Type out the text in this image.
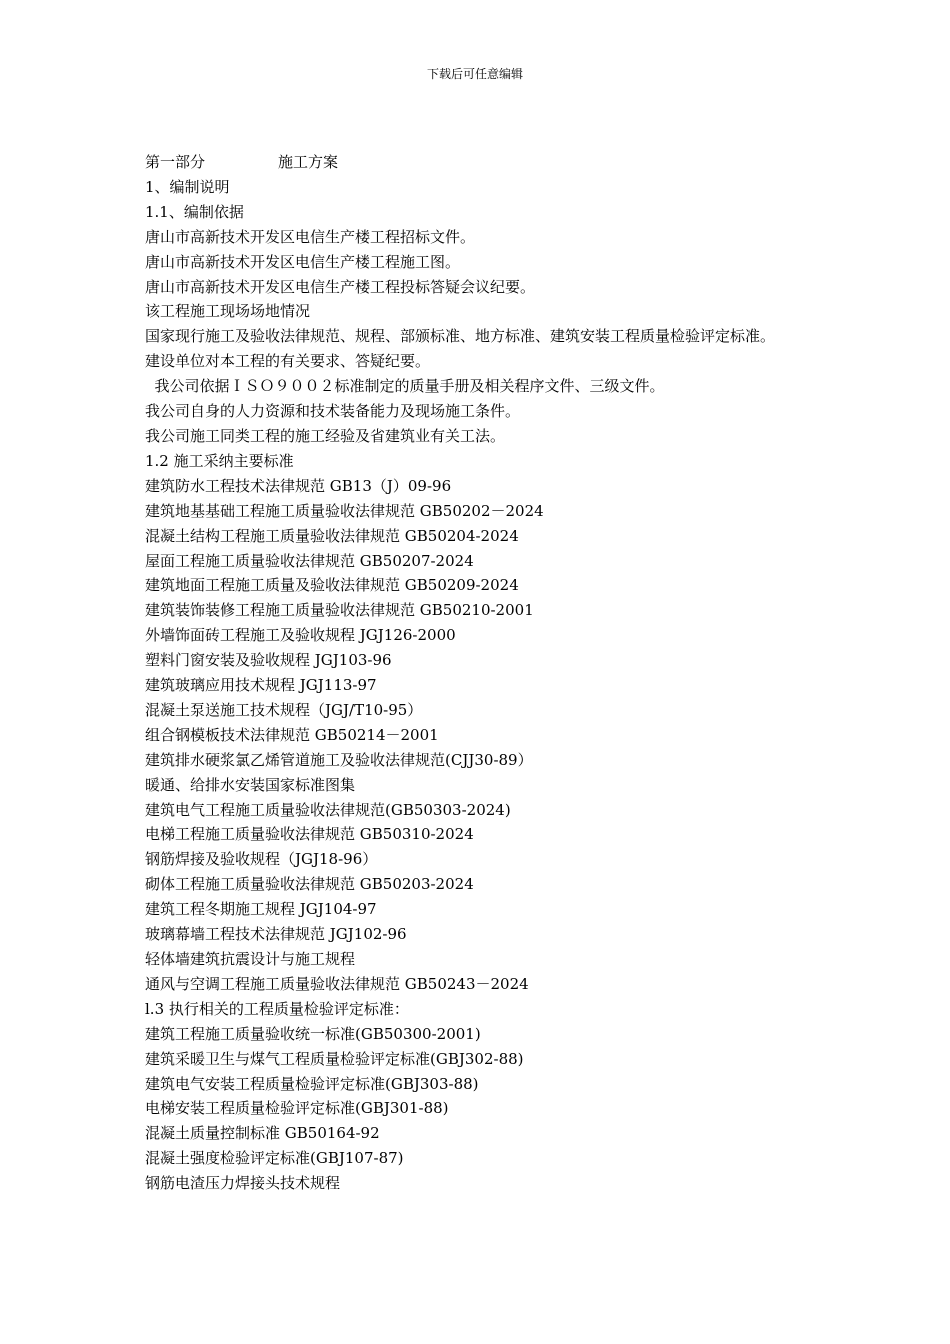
下载后可任意编辑
第一部分	施工方案
1、编制说明
1.1、编制依据
唐山市高新技术开发区电信生产楼工程招标文件。
唐山市高新技术开发区电信生产楼工程施工图。
唐山市高新技术开发区电信生产楼工程投标答疑会议纪要。
该工程施工现场场地情况
国家现行施工及验收法律规范、规程、部颁标准、地方标准、建筑安装工程质量检验评定标准。
建设单位对本工程的有关要求、答疑纪要。
我公司依据ＩＳＯ９００２标准制定的质量手册及相关程序文件、三级文件。
我公司自身的人力资源和技术装备能力及现场施工条件。
我公司施工同类工程的施工经验及省建筑业有关工法。
1.2 施工采纳主要标准
建筑防水工程技术法律规范 GB13（J）09-96
建筑地基基础工程施工质量验收法律规范 GB50202－2024
混凝土结构工程施工质量验收法律规范 GB50204-2024
屋面工程施工质量验收法律规范 GB50207-2024
建筑地面工程施工质量及验收法律规范 GB50209-2024
建筑装饰装修工程施工质量验收法律规范 GB50210-2001
外墙饰面砖工程施工及验收规程 JGJ126-2000
塑料门窗安装及验收规程 JGJ103-96
建筑玻璃应用技术规程 JGJ113-97
混凝土泵送施工技术规程（JGJ/T10-95）
组合钢模板技术法律规范 GB50214－2001
建筑排水硬浆氯乙烯管道施工及验收法律规范(CJJ30-89）
暖通、给排水安装国家标准图集
建筑电气工程施工质量验收法律规范(GB50303-2024)
电梯工程施工质量验收法律规范 GB50310-2024
钢筋焊接及验收规程（JGJ18-96）
砌体工程施工质量验收法律规范 GB50203-2024
建筑工程冬期施工规程 JGJ104-97
玻璃幕墙工程技术法律规范 JGJ102-96
轻体墙建筑抗震设计与施工规程
通风与空调工程施工质量验收法律规范 GB50243－2024
l.3 执行相关的工程质量检验评定标准：
建筑工程施工质量验收统一标准(GB50300-2001)
建筑采暖卫生与煤气工程质量检验评定标准(GBJ302-88)
建筑电气安装工程质量检验评定标准(GBJ303-88)
电梯安装工程质量检验评定标准(GBJ301-88)
混凝土质量控制标准 GB50164-92
混凝土强度检验评定标准(GBJ107-87)
钢筋电渣压力焊接头技术规程
